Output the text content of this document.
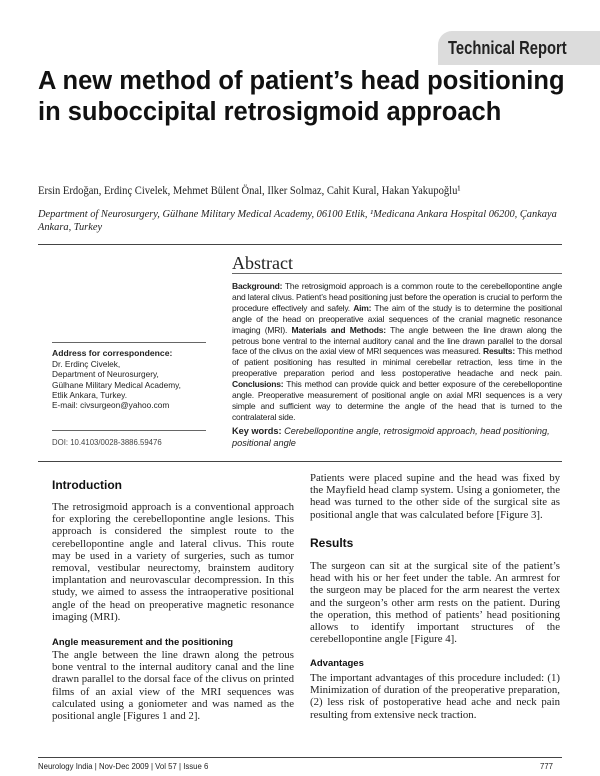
Technical Report
A new method of patient’s head positioning in suboccipital retrosigmoid approach
Ersin Erdoğan, Erdinç Civelek, Mehmet Bülent Önal, Ilker Solmaz, Cahit Kural, Hakan Yakupoğlu¹
Department of Neurosurgery, Gülhane Military Medical Academy, 06100 Etlik, ¹Medicana Ankara Hospital 06200, Çankaya Ankara, Turkey
Abstract
Background: The retrosigmoid approach is a common route to the cerebellopontine angle and lateral clivus. Patient’s head positioning just before the operation is crucial to perform the procedure effectively and safely. Aim: The aim of the study is to determine the positional angle of the head on preoperative axial sequences of the cranial magnetic resonance imaging (MRI). Materials and Methods: The angle between the line drawn along the petrous bone ventral to the internal auditory canal and the line drawn parallel to the dorsal face of the clivus on the axial view of MRI sequences was measured. Results: This method of patient positioning has resulted in minimal cerebellar retraction, less time in the preoperative preparation period and less postoperative headache and neck pain. Conclusions: This method can provide quick and better exposure of the cerebellopontine angle. Preoperative measurement of positional angle on axial MRI sequences is a very simple and sufficient way to determine the angle of the head that is turned to the contralateral side.
Key words: Cerebellopontine angle, retrosigmoid approach, head positioning, positional angle
Address for correspondence:
Dr. Erdinç Civelek,
Department of Neurosurgery,
Gülhane Military Medical Academy,
Etlik Ankara, Turkey.
E-mail: civsurgeon@yahoo.com
DOI: 10.4103/0028-3886.59476
Introduction
The retrosigmoid approach is a conventional approach for exploring the cerebellopontine angle lesions. This approach is considered the simplest route to the cerebellopontine angle and lateral clivus. This route may be used in a variety of surgeries, such as tumor removal, vestibular neurectomy, brainstem auditory implantation and neurovascular decompression. In this study, we aimed to assess the intraoperative positional angle of the head on preoperative magnetic resonance imaging (MRI).
Angle measurement and the positioning
The angle between the line drawn along the petrous bone ventral to the internal auditory canal and the line drawn parallel to the dorsal face of the clivus on printed films of an axial view of the MRI sequences was calculated using a goniometer and was named as the positional angle [Figures 1 and 2].
Patients were placed supine and the head was fixed by the Mayfield head clamp system. Using a goniometer, the head was turned to the other side of the surgical site as positional angle that was calculated before [Figure 3].
Results
The surgeon can sit at the surgical site of the patient’s head with his or her feet under the table. An armrest for the surgeon may be placed for the arm nearest the vertex and the surgeon’s other arm rests on the patient. During the operation, this method of patients’ head positioning allows to identify important structures of the cerebellopontine angle [Figure 4].
Advantages
The important advantages of this procedure included: (1) Minimization of duration of the preoperative preparation, (2) less risk of postoperative head ache and neck pain resulting from extensive neck traction.
Neurology India | Nov-Dec 2009 | Vol 57 | Issue 6	777
